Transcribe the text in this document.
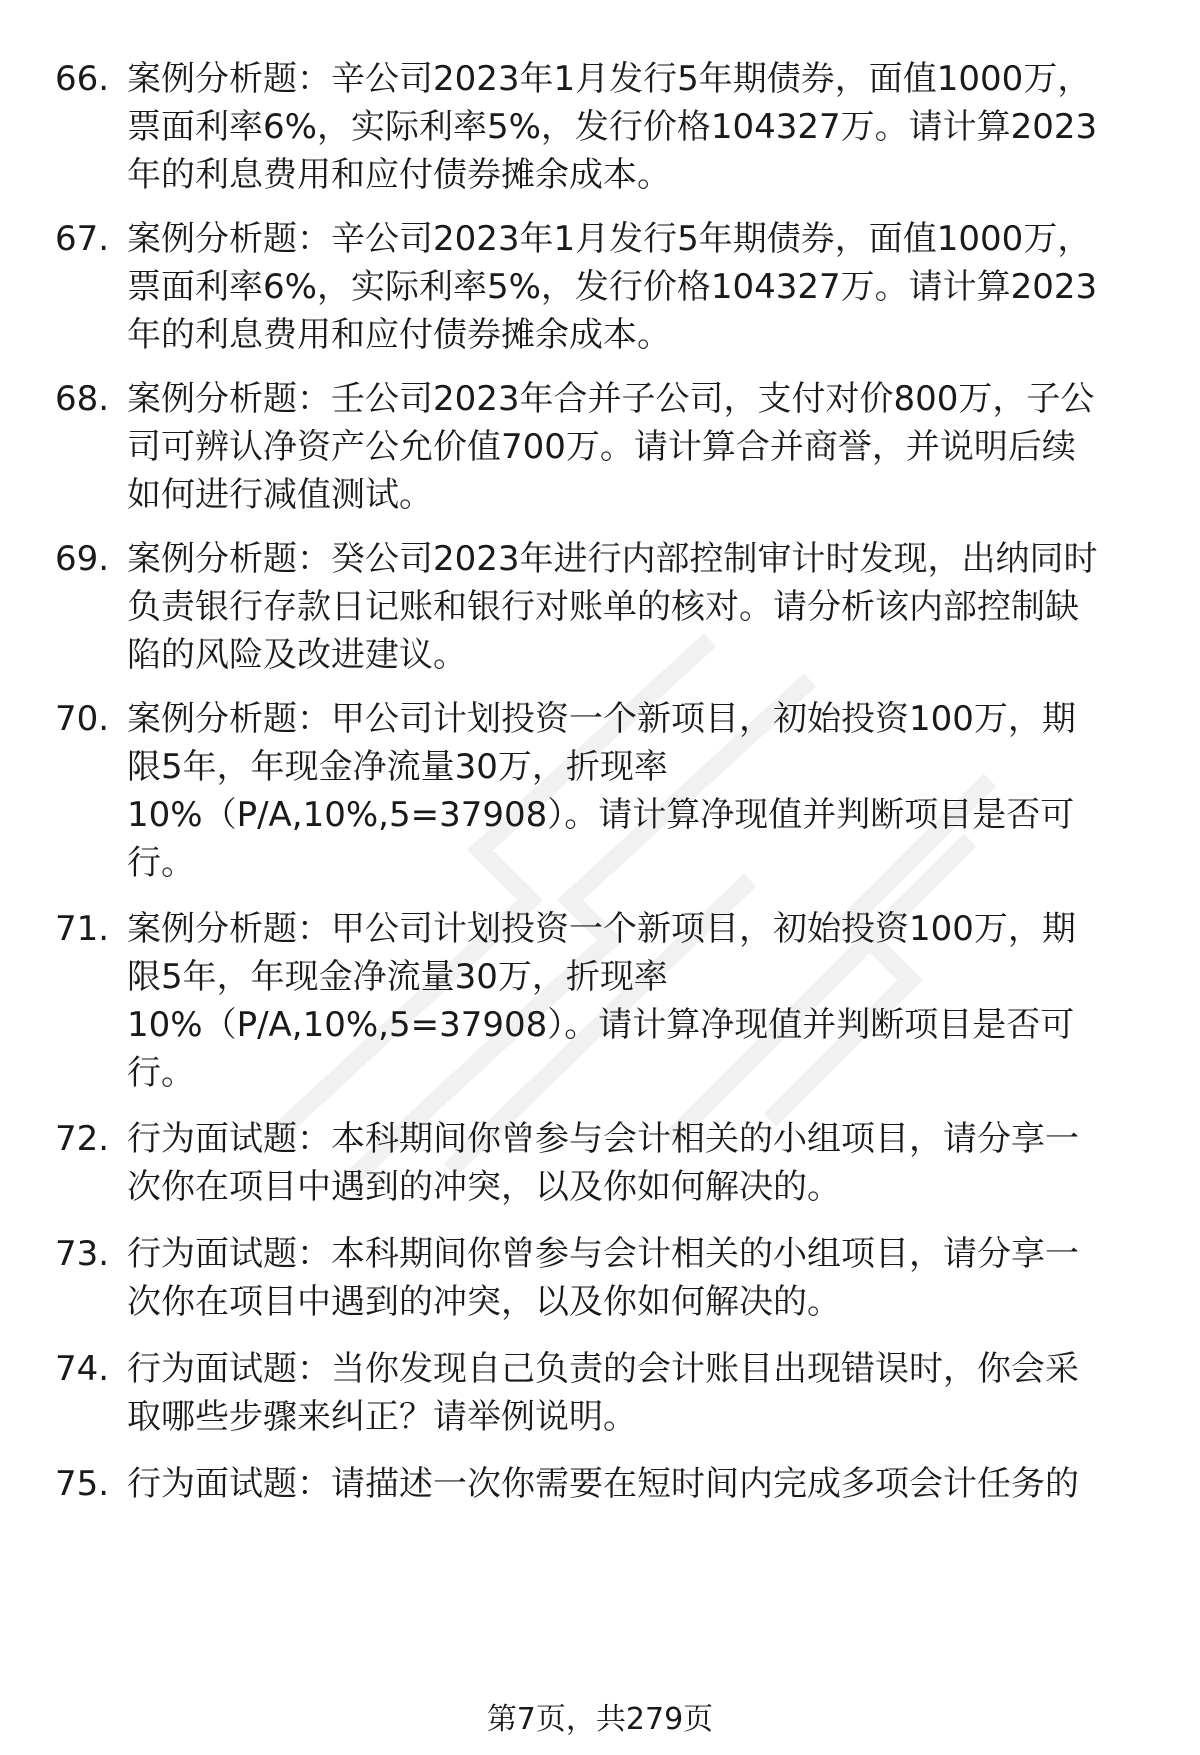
66. 案例分析题：辛公司2023年1月发行5年期债券，面值1000万，
票面利率6%，实际利率5%，发行价格104327万。请计算2023
年的利息费用和应付债券摊余成本。
67. 案例分析题：辛公司2023年1月发行5年期债券，面值1000万，
票面利率6%，实际利率5%，发行价格104327万。请计算2023
年的利息费用和应付债券摊余成本。
68. 案例分析题：壬公司2023年合并子公司，支付对价800万，子公
司可辨认净资产公允价值700万。请计算合并商誉，并说明后续
如何进行减值测试。
69. 案例分析题：癸公司2023年进行内部控制审计时发现，出纳同时
负责银行存款日记账和银行对账单的核对。请分析该内部控制缺
陷的风险及改进建议。
70. 案例分析题：甲公司计划投资一个新项目，初始投资100万，期
限5年，年现金净流量30万，折现率
10%（P/A,10%,5=37908）。请计算净现值并判断项目是否可
行。
71. 案例分析题：甲公司计划投资一个新项目，初始投资100万，期
限5年，年现金净流量30万，折现率
10%（P/A,10%,5=37908）。请计算净现值并判断项目是否可
行。
72. 行为面试题：本科期间你曾参与会计相关的小组项目，请分享一
次你在项目中遇到的冲突，以及你如何解决的。
73. 行为面试题：本科期间你曾参与会计相关的小组项目，请分享一
次你在项目中遇到的冲突，以及你如何解决的。
74. 行为面试题：当你发现自己负责的会计账目出现错误时，你会采
取哪些步骤来纠正？请举例说明。
75. 行为面试题：请描述一次你需要在短时间内完成多项会计任务的
第7页，共279页
